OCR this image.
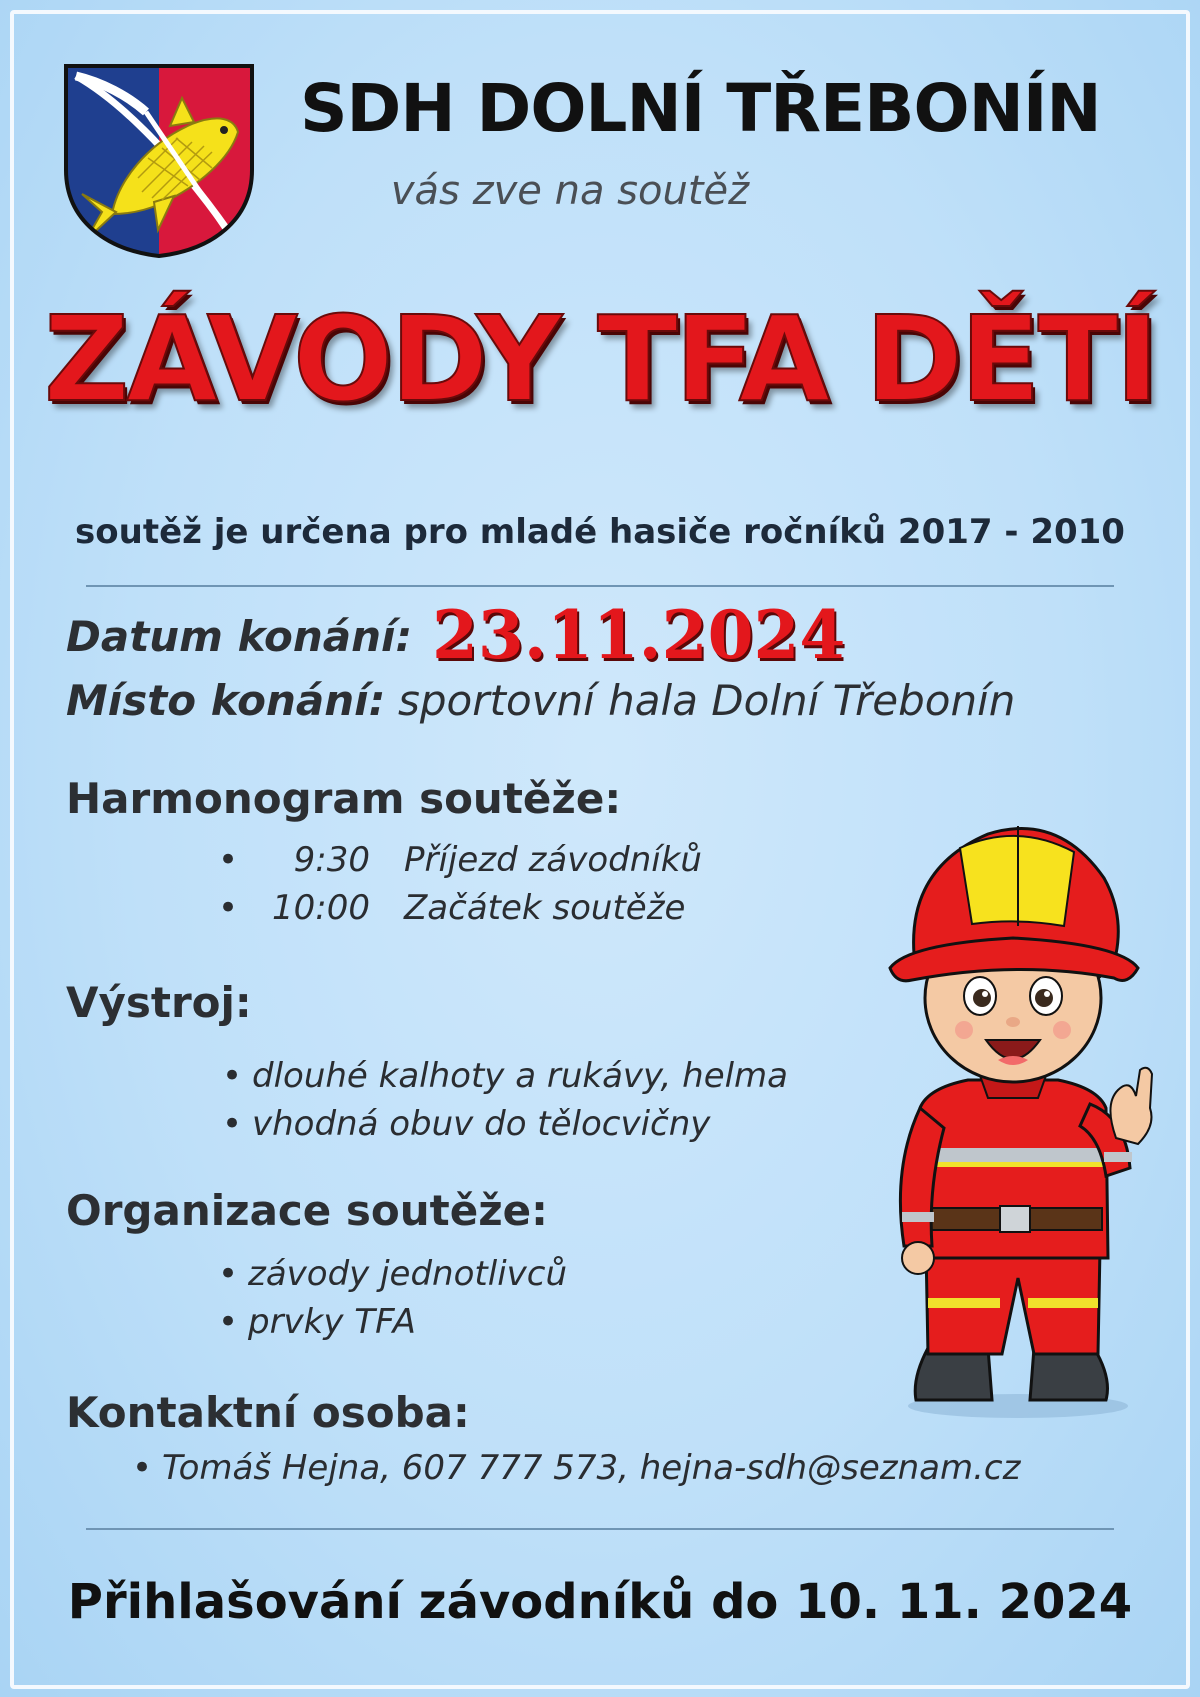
SDH DOLNÍ TŘEBONÍN
vás zve na soutěž
ZÁVODY TFA DĚTÍ
soutěž je určena pro mladé hasiče ročníků 2017 - 2010
Datum konání: 23.11.2024
Místo konání: sportovní hala Dolní Třebonín
Harmonogram soutěže:
• 9:30 Příjezd závodníků
• 10:00 Začátek soutěže
Výstroj:
• dlouhé kalhoty a rukávy, helma
• vhodná obuv do tělocvičny
Organizace soutěže:
• závody jednotlivců
• prvky TFA
Kontaktní osoba:
• Tomáš Hejna, 607 777 573, hejna-sdh@seznam.cz
Přihlašování závodníků do 10. 11. 2024
